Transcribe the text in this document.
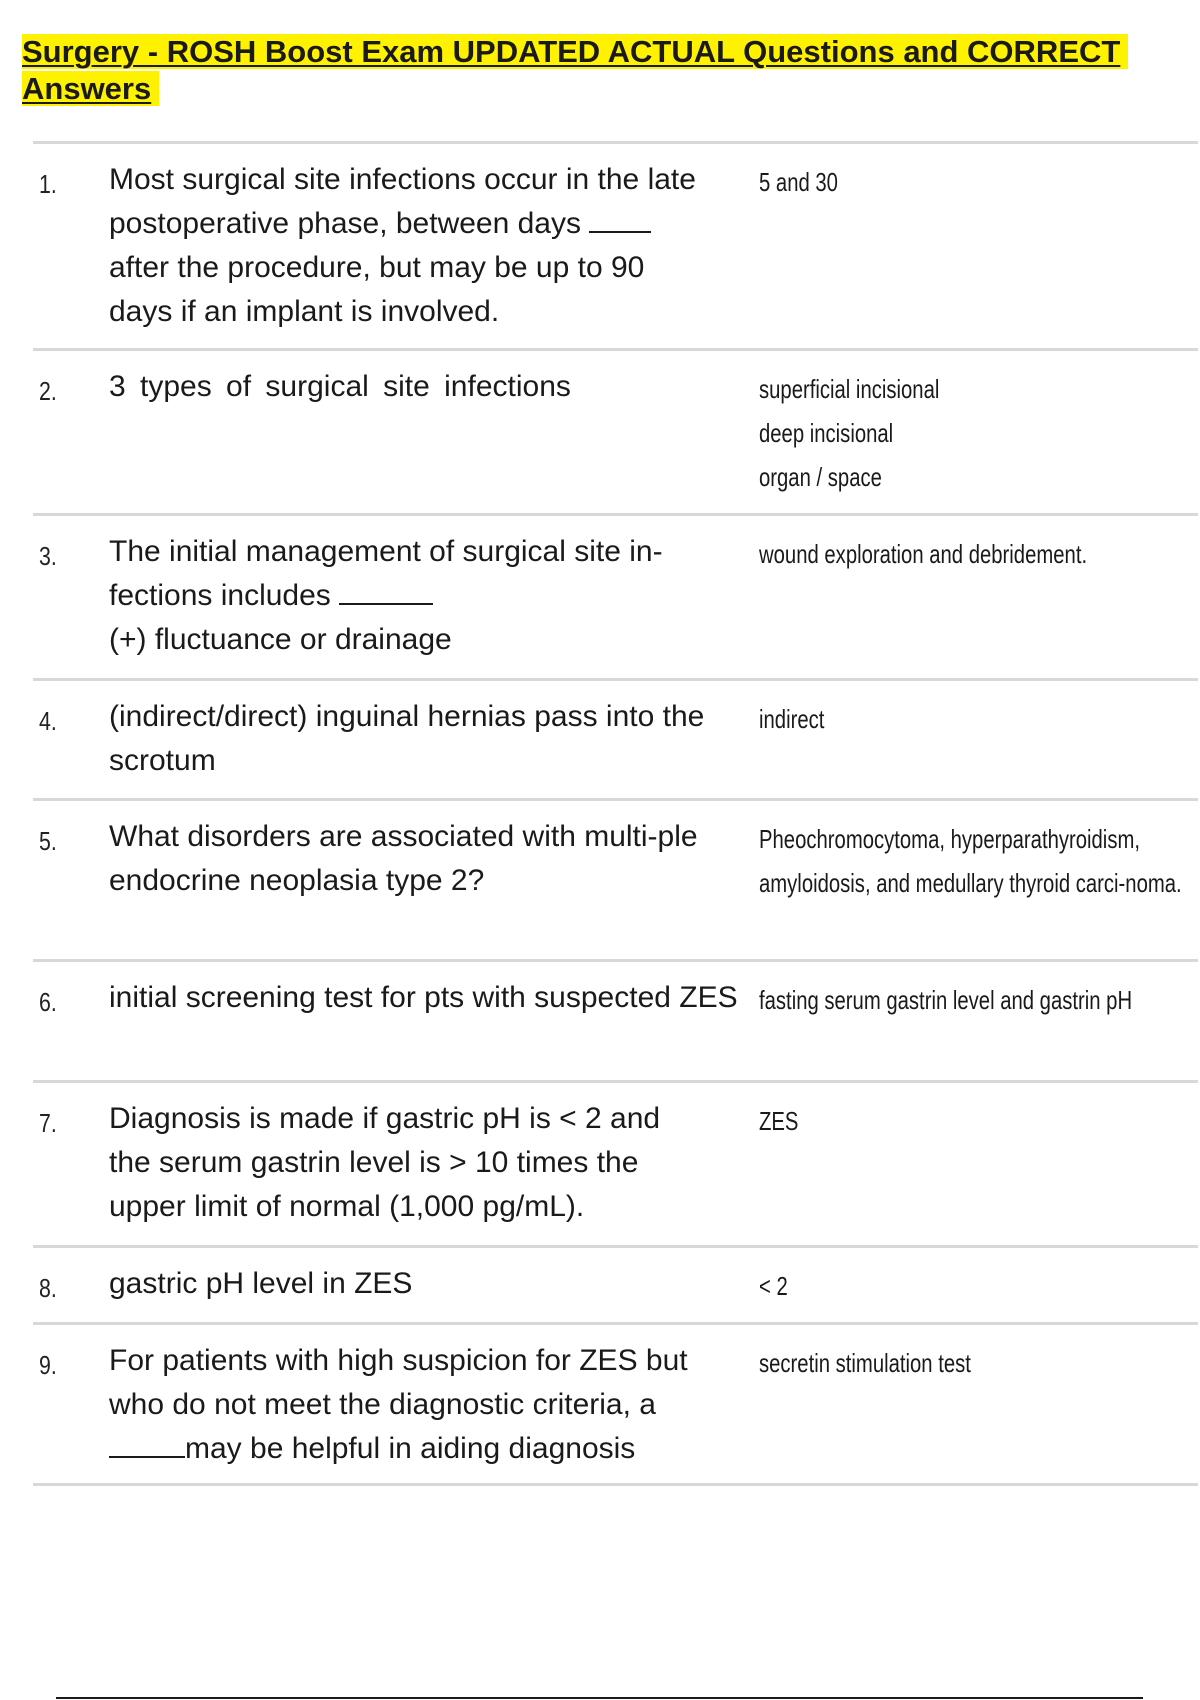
Surgery - ROSH Boost Exam UPDATED ACTUAL Questions and CORRECT Answers
1. Most surgical site infections occur in the late postoperative phase, between days after the procedure, but may be up to 90 days if an implant is involved.
5 and 30
2. 3 types of surgical site infections	superficial incisional
deep incisional
organ / space
3. The initial management of surgical site in-fections includes
(+) fluctuance or drainage
wound exploration and debridement.
4. (indirect/direct) inguinal hernias pass into the scrotum
indirect
5. What disorders are associated with multi-ple endocrine neoplasia type 2?
Pheochromocytoma, hyperparathyroidism, amyloidosis, and medullary thyroid carci-noma.
6. initial screening test for pts with suspected ZES fasting serum gastrin level and gastrin pH
7. Diagnosis is made if gastric pH is < 2 and the serum gastrin level is > 10 times the upper limit of normal (1,000 pg/mL).
ZES
8. gastric pH level in ZES	< 2
9. For patients with high suspicion for ZES but who do not meet the diagnostic criteria, a
may be helpful in aiding diagnosis
secretin stimulation test
